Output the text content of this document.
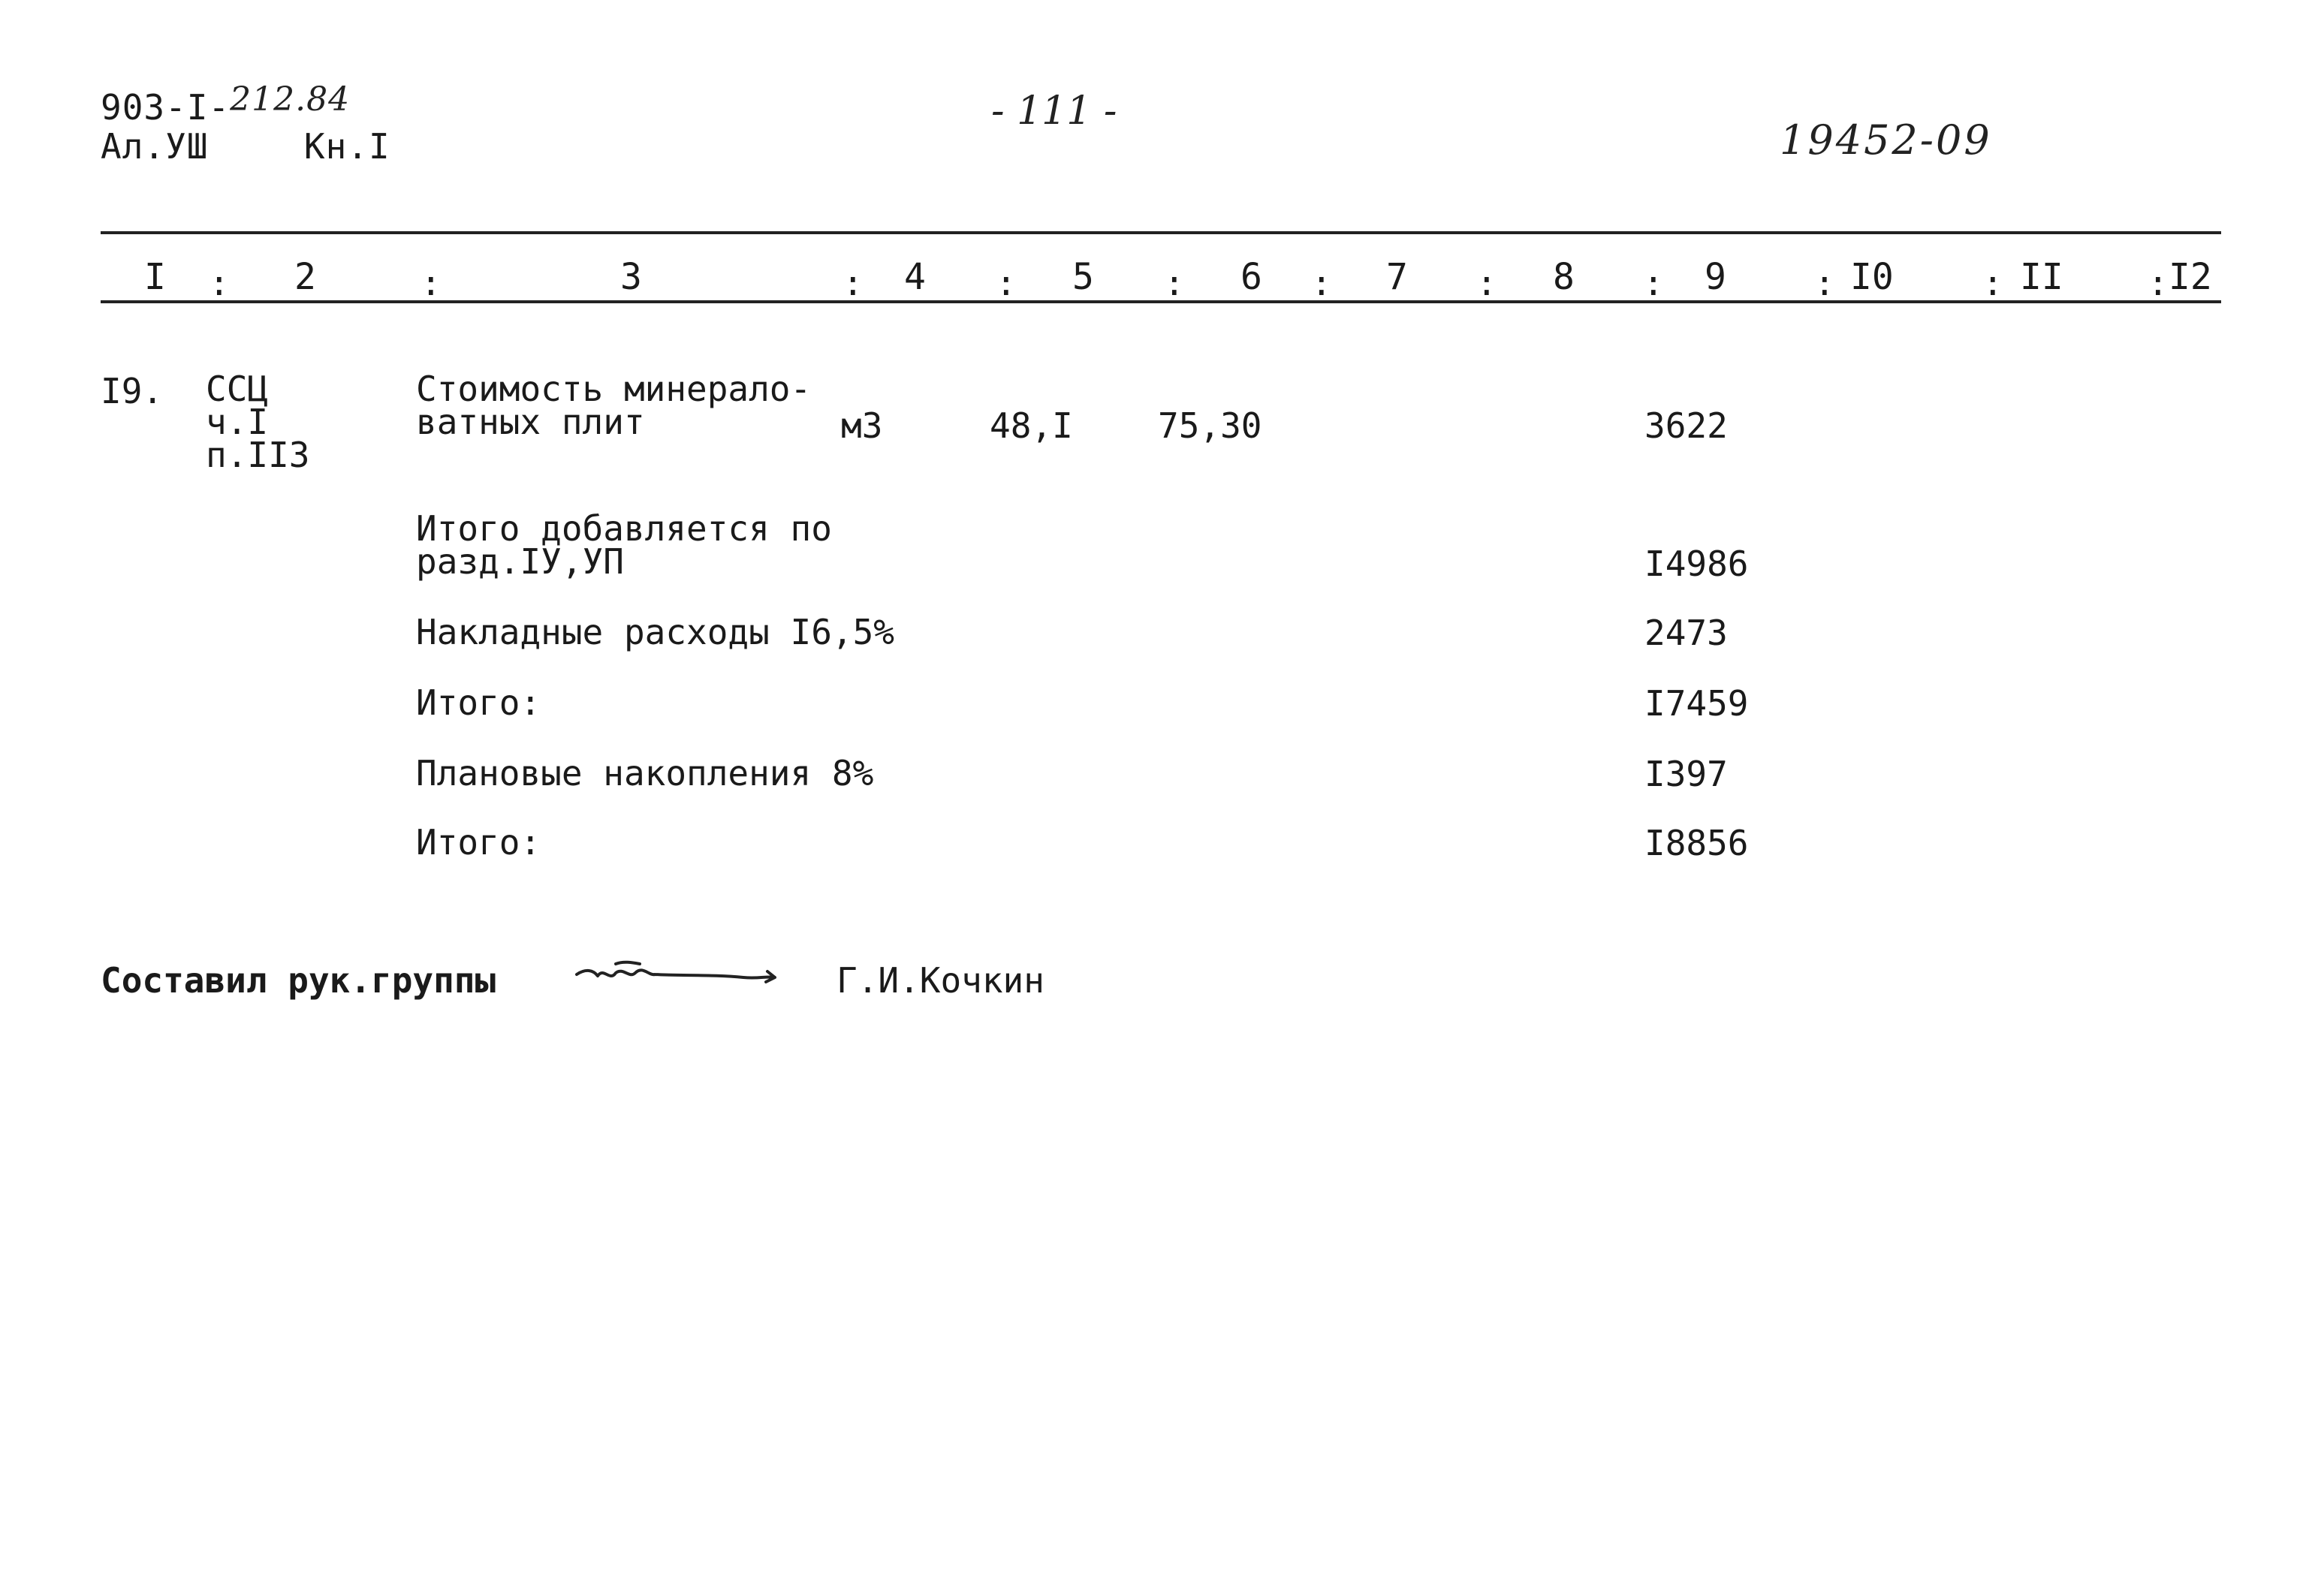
903-I-212.84
Ал.УШ	Кн.I
- 111 -
19452-09
I : 2	:	3	: 4 : 5 : 6 : 7 : 8 : 9	: I0	: II : I2
I9. ССЦ
ч.I
п.II3
Стоимость минерало-
ватных плит	м3	48,I 75,30	3622
Итого добавляется по
разд.IУ,УП	I4986
Накладные расходы I6,5%	2473
Итого:	I7459
Плановые накопления 8%	I397
Итого:	I8856
Составил рук.группы	Г.И.Кочкин
